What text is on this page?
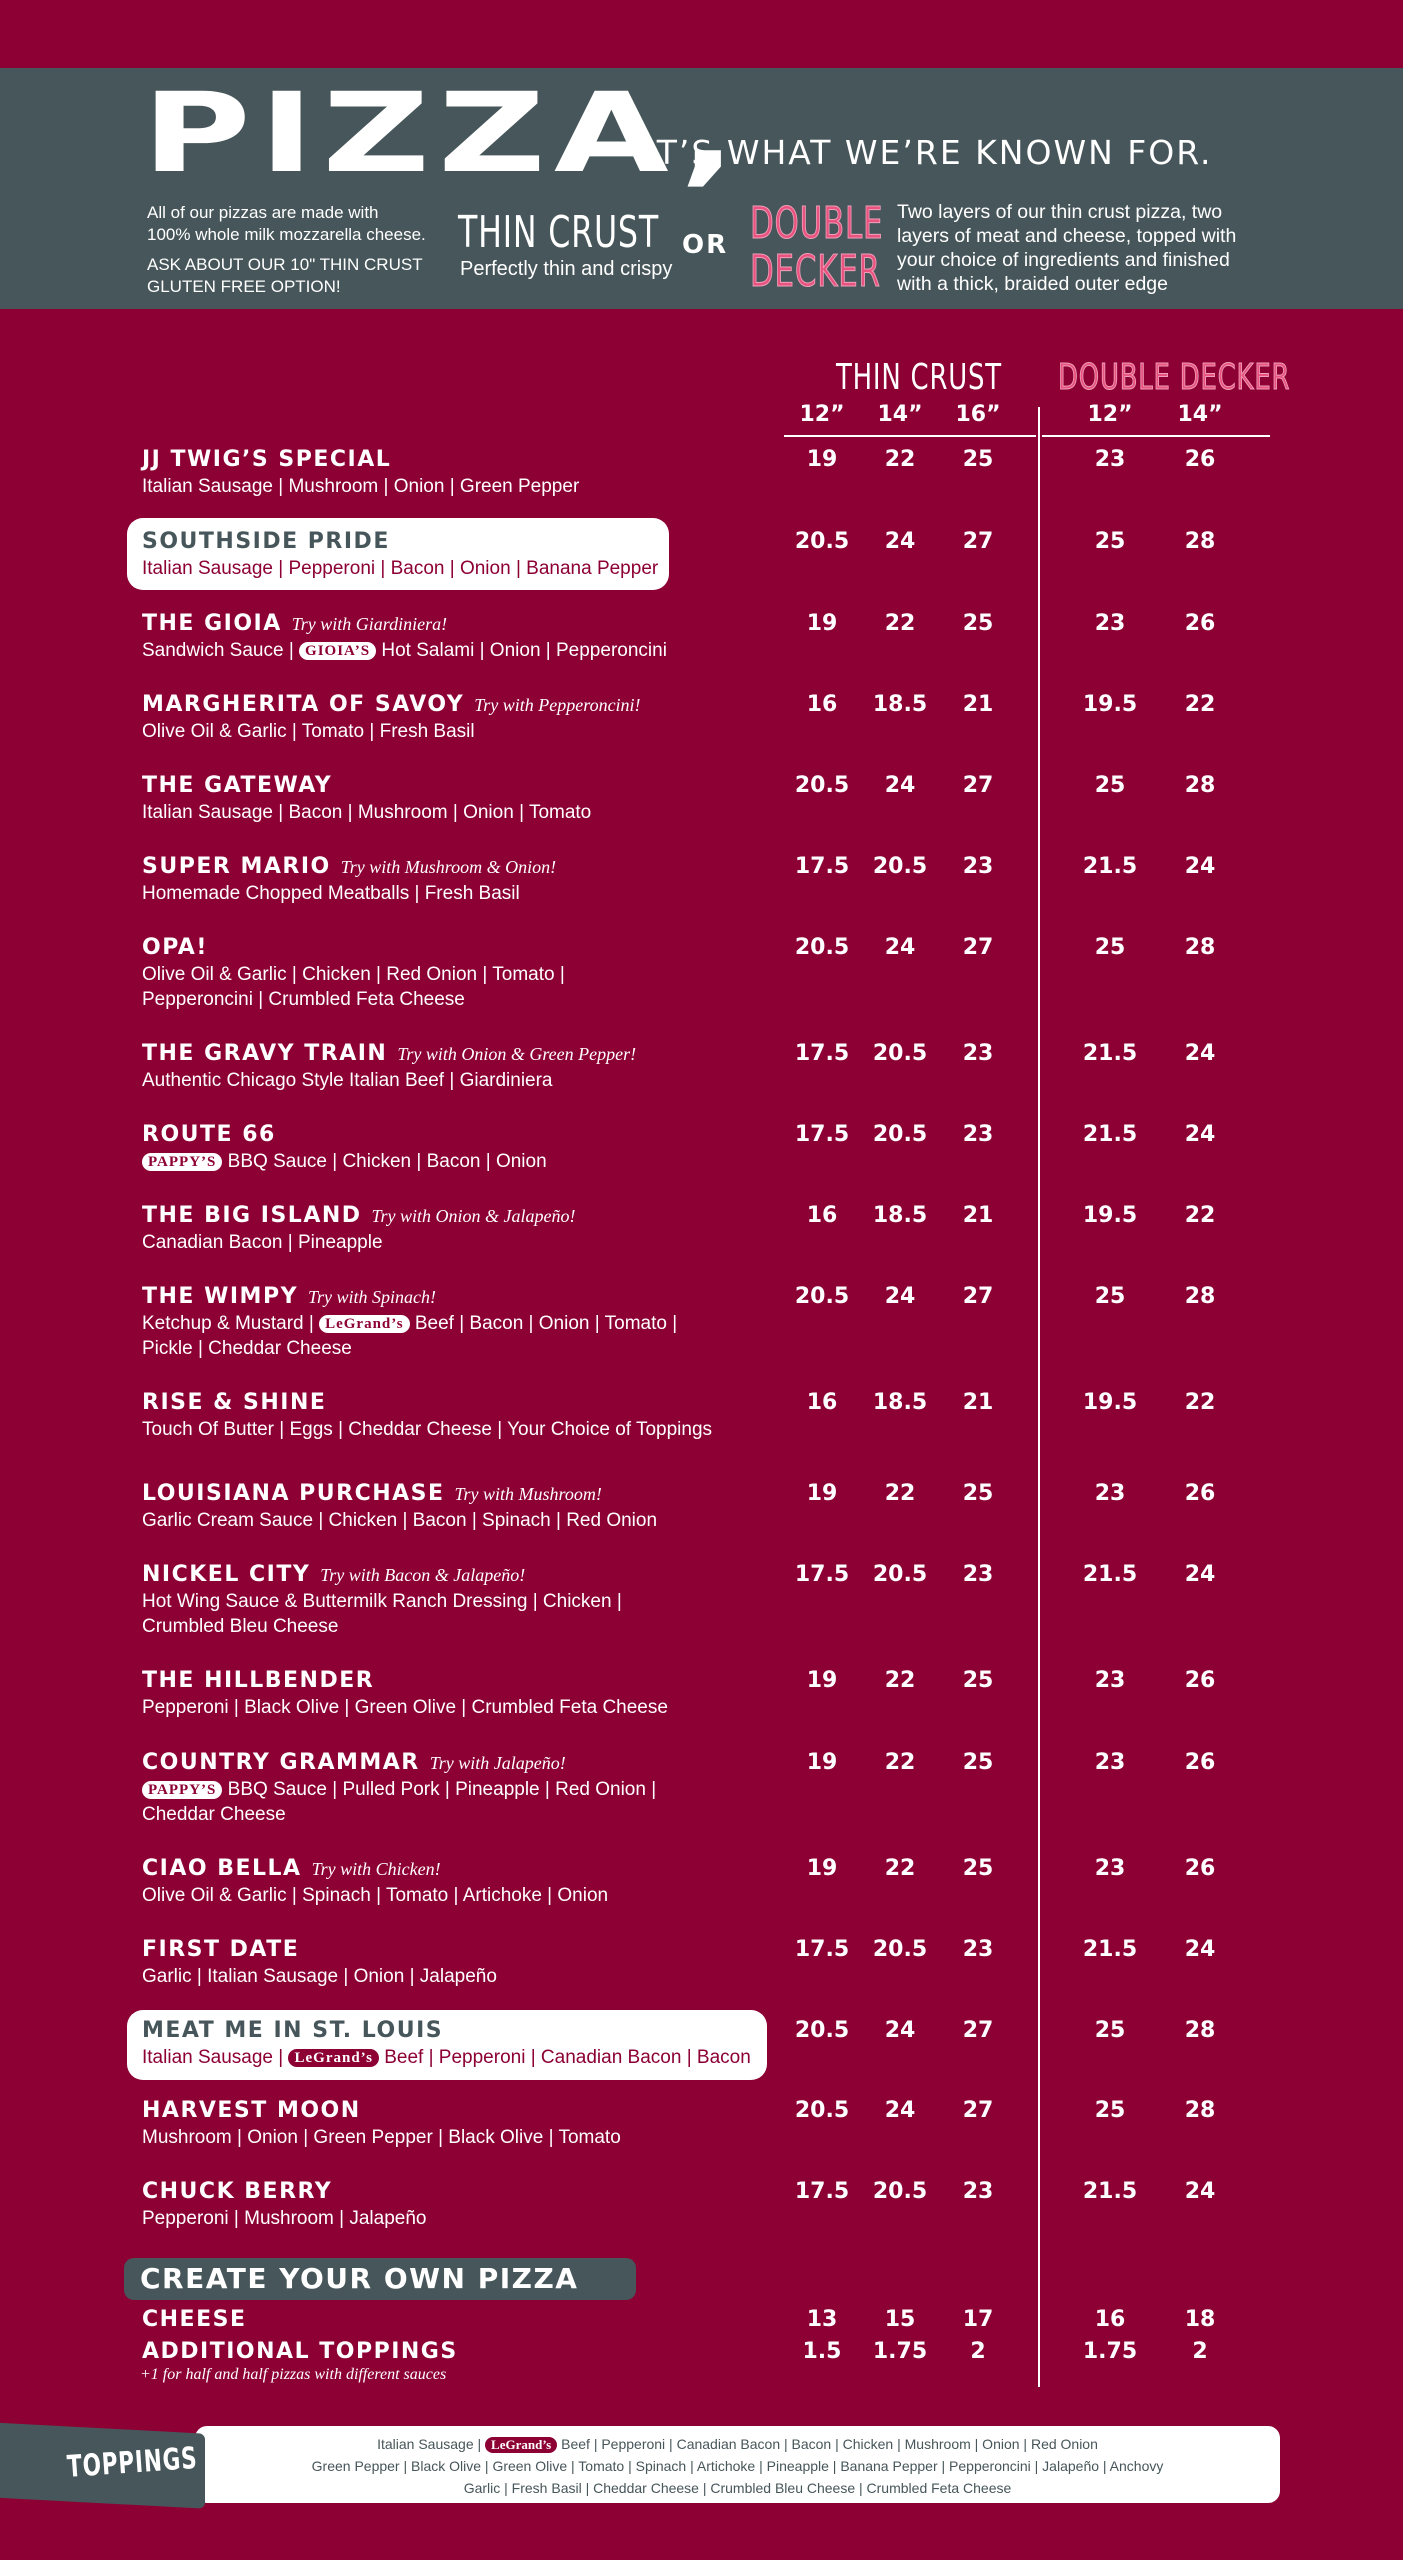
PIZZA,
IT’S WHAT WE’RE KNOWN FOR.
All of our pizzas are made with
100% whole milk mozzarella cheese.
ASK ABOUT OUR 10" THIN CRUST
GLUTEN FREE OPTION!
THIN CRUST
Perfectly thin and crispy
OR DOUBLE
DECKER
Two layers of our thin crust pizza, two
layers of meat and cheese, topped with
your choice of ingredients and finished
with a thick, braided outer edge
THIN CRUST DOUBLE DECKER
12”	14”	16”	12”	14”
JJ TWIG’S SPECIAL
Italian Sausage | Mushroom | Onion | Green Pepper
19	22	25	23	26
SOUTHSIDE PRIDE
Italian Sausage | Pepperoni | Bacon | Onion | Banana Pepper
20.5	24	27	25	28
THE GIOIA Try with Giardiniera!
Sandwich Sauce | GIOIA’S Hot Salami | Onion | Pepperoncini
19	22	25	23	26
MARGHERITA OF SAVOY Try with Pepperoncini!
Olive Oil & Garlic | Tomato | Fresh Basil
16	18.5	21	19.5	22
THE GATEWAY
Italian Sausage | Bacon | Mushroom | Onion | Tomato
20.5	24	27	25	28
SUPER MARIO Try with Mushroom & Onion!
Homemade Chopped Meatballs | Fresh Basil
17.5	20.5	23	21.5	24
OPA!
Olive Oil & Garlic | Chicken | Red Onion | Tomato |
Pepperoncini | Crumbled Feta Cheese
20.5	24	27	25	28
THE GRAVY TRAIN Try with Onion & Green Pepper!
Authentic Chicago Style Italian Beef | Giardiniera
17.5	20.5	23	21.5	24
ROUTE 66
PAPPY’S BBQ Sauce | Chicken | Bacon | Onion
17.5	20.5	23	21.5	24
THE BIG ISLAND Try with Onion & Jalapeño!
Canadian Bacon | Pineapple
16	18.5	21	19.5	22
THE WIMPY Try with Spinach!
Ketchup & Mustard | LeGrand’s Beef | Bacon | Onion | Tomato |
Pickle | Cheddar Cheese
20.5	24	27	25	28
RISE & SHINE
Touch Of Butter | Eggs | Cheddar Cheese | Your Choice of Toppings
16	18.5	21	19.5	22
LOUISIANA PURCHASE Try with Mushroom!
Garlic Cream Sauce | Chicken | Bacon | Spinach | Red Onion
19	22	25	23	26
NICKEL CITY Try with Bacon & Jalapeño!
Hot Wing Sauce & Buttermilk Ranch Dressing | Chicken |
Crumbled Bleu Cheese
17.5	20.5	23	21.5	24
THE HILLBENDER
Pepperoni | Black Olive | Green Olive | Crumbled Feta Cheese
19	22	25	23	26
COUNTRY GRAMMAR Try with Jalapeño!
PAPPY’S BBQ Sauce | Pulled Pork | Pineapple | Red Onion |
Cheddar Cheese
19	22	25	23	26
CIAO BELLA Try with Chicken!
Olive Oil & Garlic | Spinach | Tomato | Artichoke | Onion
19	22	25	23	26
FIRST DATE
Garlic | Italian Sausage | Onion | Jalapeño
17.5	20.5	23	21.5	24
MEAT ME IN ST. LOUIS
Italian Sausage | LeGrand’s Beef | Pepperoni | Canadian Bacon | Bacon
20.5	24	27	25	28
HARVEST MOON
Mushroom | Onion | Green Pepper | Black Olive | Tomato
20.5	24	27	25	28
CHUCK BERRY
Pepperoni | Mushroom | Jalapeño
17.5	20.5	23	21.5	24
CREATE YOUR OWN PIZZA
CHEESE
ADDITIONAL TOPPINGS
+1 for half and half pizzas with different sauces
13	15	17	16	18
1.5	1.75	2	1.75	2
TOPPINGS	Italian Sausage | LeGrand’s Beef | Pepperoni | Canadian Bacon | Bacon | Chicken | Mushroom | Onion | Red Onion
Green Pepper | Black Olive | Green Olive | Tomato | Spinach | Artichoke | Pineapple | Banana Pepper | Pepperoncini | Jalapeño | Anchovy
Garlic | Fresh Basil | Cheddar Cheese | Crumbled Bleu Cheese | Crumbled Feta Cheese
